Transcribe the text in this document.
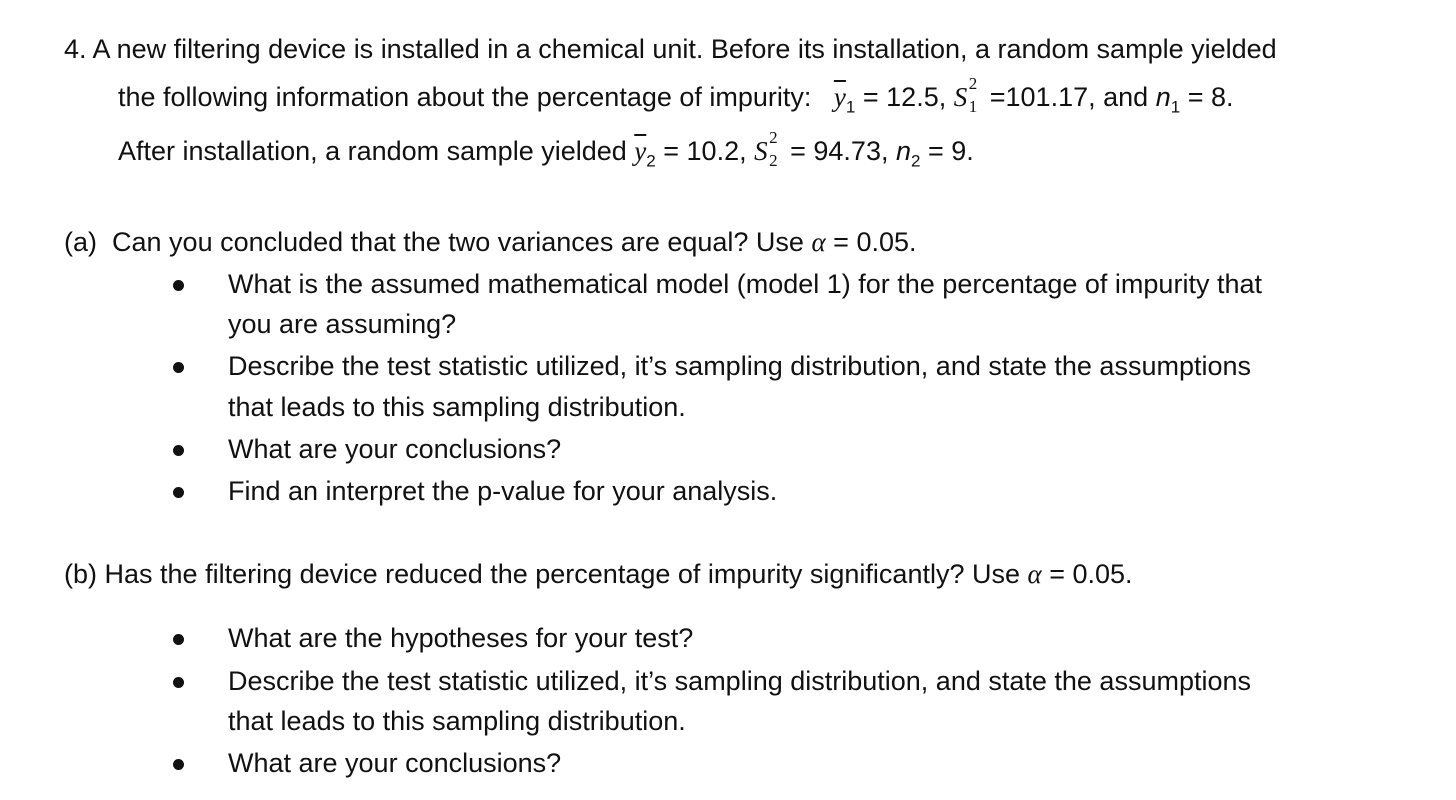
4. A new filtering device is installed in a chemical unit. Before its installation, a random sample yielded
the following information about the percentage of impurity: $\overline{y}_1 = 12.5$, S 2
1 =101.17, and $n_1 = 8$.
After installation, a random sample yielded $\overline{y}_2 = 10.2$, S 2
2 = 94.73, $n_2 = 9$.
(a) Can you concluded that the two variances are equal? Use α = 0.05.
What is the assumed mathematical model (model 1) for the percentage of impurity that
you are assuming?
Describe the test statistic utilized, it’s sampling distribution, and state the assumptions
that leads to this sampling distribution.
What are your conclusions?
Find an interpret the p-value for your analysis.
(b) Has the filtering device reduced the percentage of impurity significantly? Use α = 0.05.
What are the hypotheses for your test?
Describe the test statistic utilized, it’s sampling distribution, and state the assumptions
that leads to this sampling distribution.
What are your conclusions?
